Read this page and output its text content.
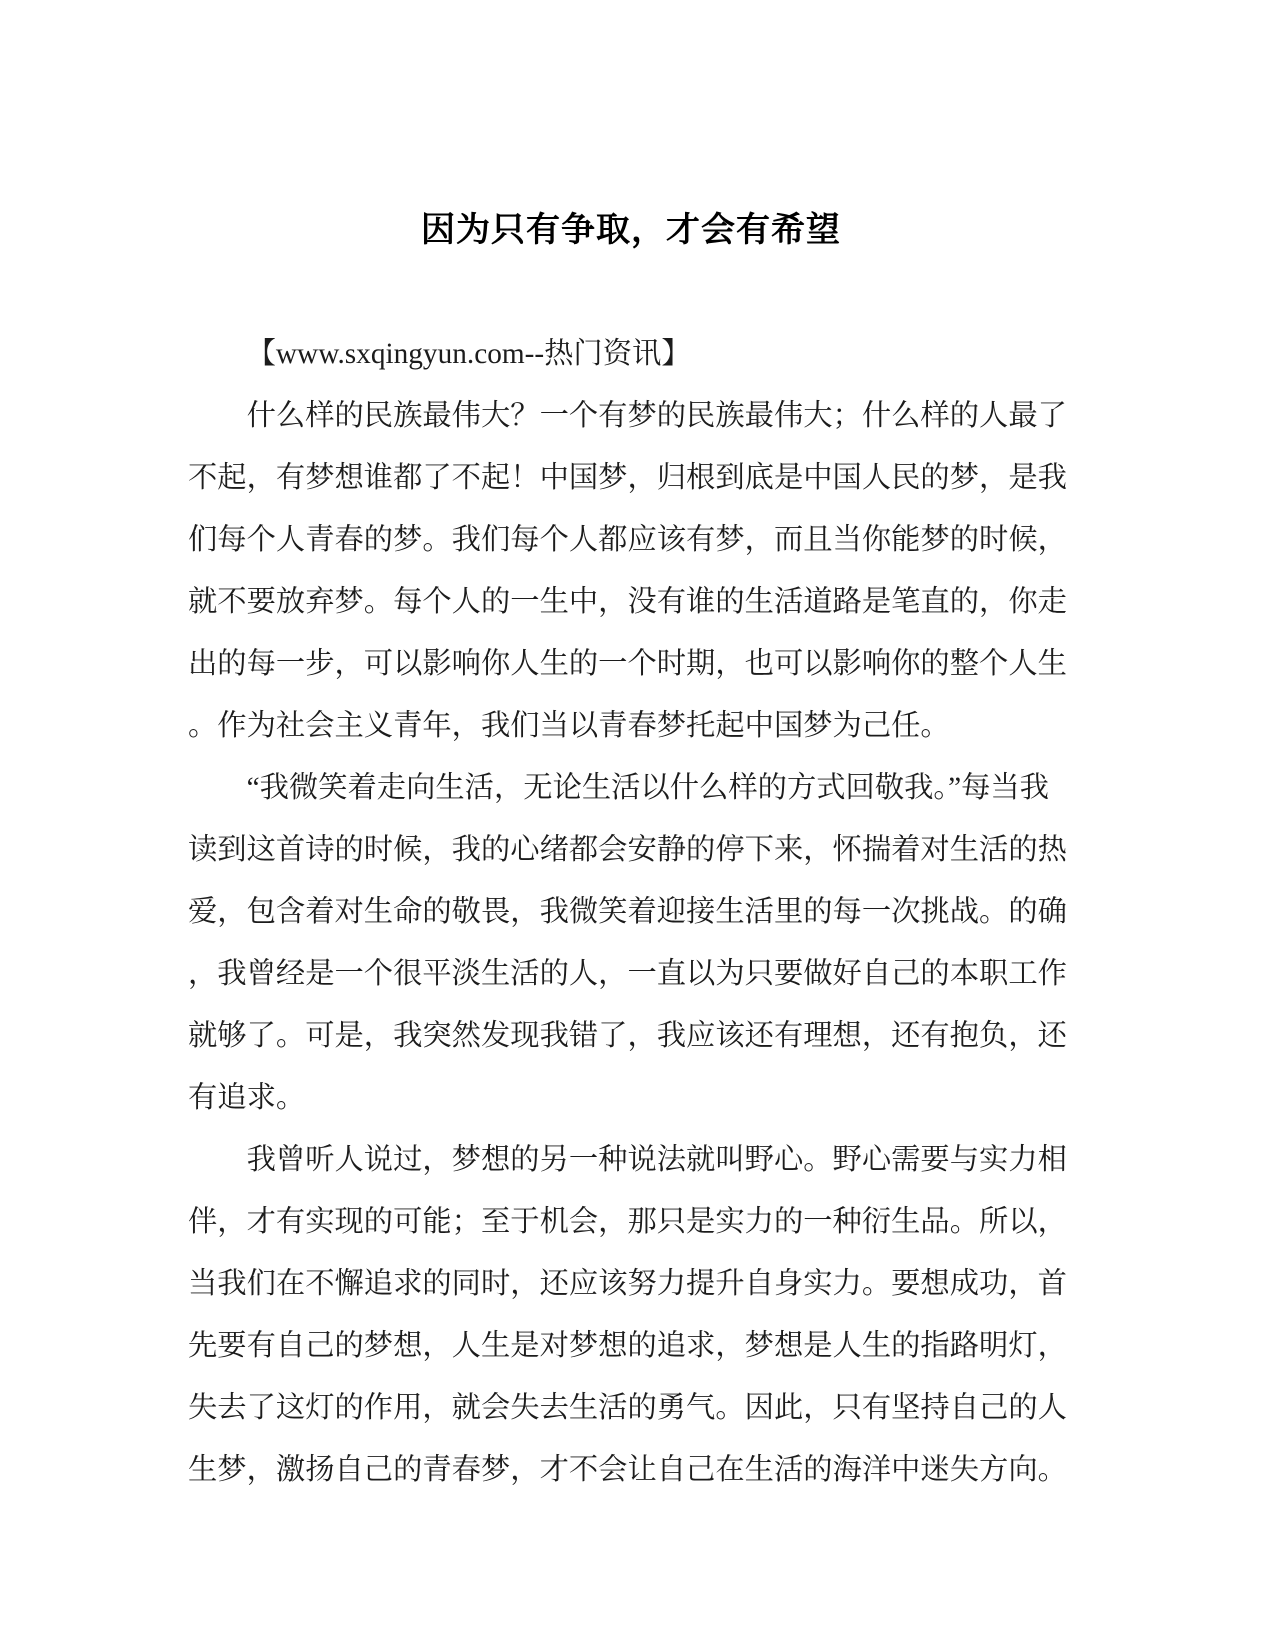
因为只有争取，才会有希望
【www.sxqingyun.com--热门资讯】
什么样的民族最伟大？一个有梦的民族最伟大；什么样的人最了
不起，有梦想谁都了不起！中国梦，归根到底是中国人民的梦，是我
们每个人青春的梦。我们每个人都应该有梦，而且当你能梦的时候，
就不要放弃梦。每个人的一生中，没有谁的生活道路是笔直的，你走
出的每一步，可以影响你人生的一个时期，也可以影响你的整个人生
。作为社会主义青年，我们当以青春梦托起中国梦为己任。
“我微笑着走向生活，无论生活以什么样的方式回敬我。”每当我
读到这首诗的时候，我的心绪都会安静的停下来，怀揣着对生活的热
爱，包含着对生命的敬畏，我微笑着迎接生活里的每一次挑战。的确
，我曾经是一个很平淡生活的人，一直以为只要做好自己的本职工作
就够了。可是，我突然发现我错了，我应该还有理想，还有抱负，还
有追求。
我曾听人说过，梦想的另一种说法就叫野心。野心需要与实力相
伴，才有实现的可能；至于机会，那只是实力的一种衍生品。所以，
当我们在不懈追求的同时，还应该努力提升自身实力。要想成功，首
先要有自己的梦想，人生是对梦想的追求，梦想是人生的指路明灯，
失去了这灯的作用，就会失去生活的勇气。因此，只有坚持自己的人
生梦，激扬自己的青春梦，才不会让自己在生活的海洋中迷失方向。
